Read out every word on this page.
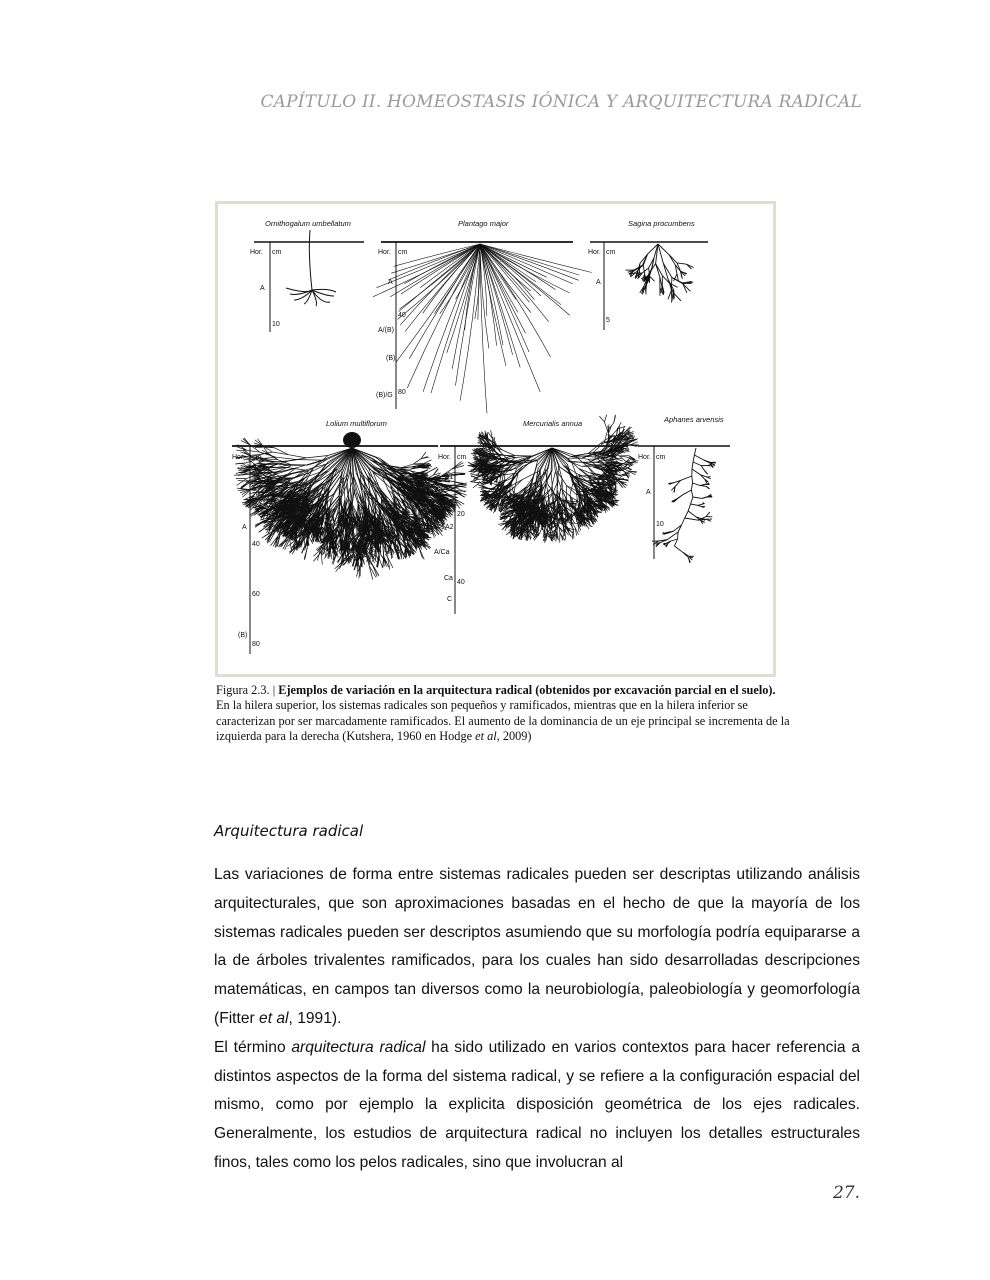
CAPÍTULO II. HOMEOSTASIS IÓNICA Y ARQUITECTURA RADICAL
Ornithogalum umbellatum
Hor. cm
A
10
Plantago major
Hor. cm
A
A/(B)
(B)
(B)/G
40
80
Sagina procumbens
Hor. cm
A
5
Lolium multiflorum
Hor. cm
A
(B)
20
40
60
80
Mercurialis annua
Hor. cm
A1
A2
A/Ca
Ca
C
20
40
Aphanes arvensis
Hor. cm
A
10
Figura 2.3. | Ejemplos de variación en la arquitectura radical (obtenidos por excavación parcial en el suelo). En la hilera superior, los sistemas radicales son pequeños y ramificados, mientras que en la hilera inferior se caracterizan por ser marcadamente ramificados. El aumento de la dominancia de un eje principal se incrementa de la izquierda para la derecha (Kutshera, 1960 en Hodge et al, 2009)
Arquitectura radical

Las variaciones de forma entre sistemas radicales pueden ser descriptas utilizando análisis arquitecturales, que son aproximaciones basadas en el hecho de que la mayoría de los sistemas radicales pueden ser descriptos asumiendo que su morfología podría equipararse a la de árboles trivalentes ramificados, para los cuales han sido desarrolladas descripciones matemáticas, en campos tan diversos como la neurobiología, paleobiología y geomorfología (Fitter et al, 1991).

El término arquitectura radical ha sido utilizado en varios contextos para hacer referencia a distintos aspectos de la forma del sistema radical, y se refiere a la configuración espacial del mismo, como por ejemplo la explicita disposición geométrica de los ejes radicales. Generalmente, los estudios de arquitectura radical no incluyen los detalles estructurales finos, tales como los pelos radicales, sino que involucran al

27.
